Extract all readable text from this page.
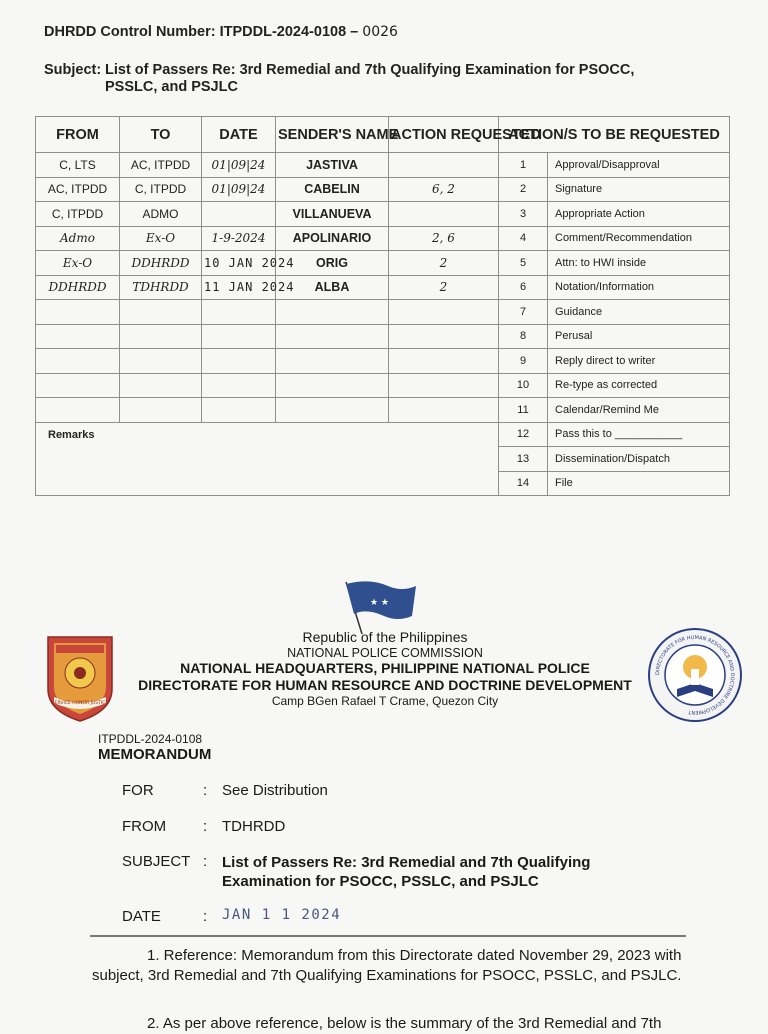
DHRDD Control Number: ITPDDL-2024-0108 – 0026
Subject: List of Passers Re: 3rd Remedial and 7th Qualifying Examination for PSOCC,
PSSLC, and PSJLC
FROM	TO	DATE	SENDER'S NAME	ACTION REQUESTED	ACTION/S TO BE REQUESTED	
C, LTS	AC, ITPDD	01|09|24	JASTIVA		1	Approval/Disapproval
AC, ITPDD	C, ITPDD	01|09|24	CABELIN	6, 2	2	Signature
C, ITPDD	ADMO		VILLANUEVA		3	Appropriate Action
Admo	Ex-O	1-9-2024	APOLINARIO	2, 6	4	Comment/Recommendation
Ex-O	DDHRDD	10 JAN 2024	ORIG	2	5	Attn: to HWI inside
DDHRDD	TDHRDD	11 JAN 2024	ALBA	2	6	Notation/Information
					7	Guidance
					8	Perusal
					9	Reply direct to writer
					10	Re-type as corrected
					11	Calendar/Remind Me
Remarks					12	Pass this to ___________
					13	Dissemination/Dispatch
					14	File
★ ★
SERVICE HONOR JUSTICE
DIRECTORATE FOR HUMAN RESOURCE AND DOCTRINE DEVELOPMENT
Republic of the Philippines
NATIONAL POLICE COMMISSION
NATIONAL HEADQUARTERS, PHILIPPINE NATIONAL POLICE
DIRECTORATE FOR HUMAN RESOURCE AND DOCTRINE DEVELOPMENT
Camp BGen Rafael T Crame, Quezon City
ITPDDL-2024-0108
MEMORANDUM
FOR	: See Distribution
FROM : TDHRDD
SUBJECT : List of Passers Re: 3rd Remedial and 7th Qualifying Examination for PSOCC, PSSLC, and PSJLC
DATE	: JAN 1 1 2024
1. Reference: Memorandum from this Directorate dated November 29, 2023 with subject, 3rd Remedial and 7th Qualifying Examinations for PSOCC, PSSLC, and PSJLC.
2. As per above reference, below is the summary of the 3rd Remedial and 7th
